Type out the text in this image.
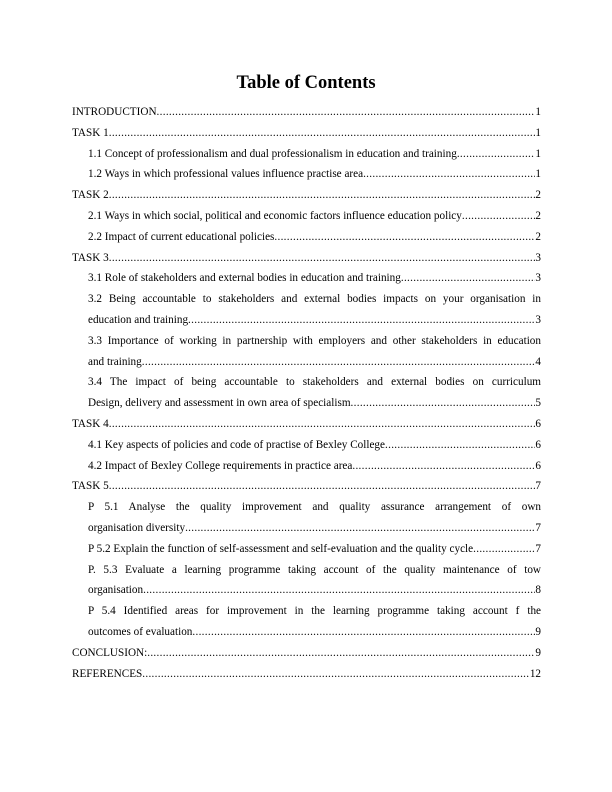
Table of Contents
INTRODUCTION .....	1
TASK 1 .....	1
1.1 Concept of professionalism and dual professionalism in education and training .....	1
1.2 Ways in which professional values influence practise area .....	1
TASK 2 .....	2
2.1 Ways in which social, political and economic factors influence education policy .....	2
2.2 Impact of current educational policies .....	2
TASK 3 .....	3
3.1 Role of stakeholders and external bodies in education and training .....	3
3.2 Being accountable to stakeholders and external bodies impacts on your organisation in
education and training .....	3
3.3 Importance of working in partnership with employers and other stakeholders in education
and training .....	4
3.4 The impact of being accountable to stakeholders and external bodies on curriculum
Design, delivery and assessment in own area of specialism .....	5
TASK 4 .....	6
4.1 Key aspects of policies and code of practise of Bexley College .....	6
4.2 Impact of Bexley College requirements in practice area .....	6
TASK 5 .....	7
P 5.1 Analyse the quality improvement and quality assurance arrangement of own
organisation diversity .....	7
P 5.2 Explain the function of self-assessment and self-evaluation and the quality cycle .....	7
P. 5.3 Evaluate a learning programme taking account of the quality maintenance of tow
organisation .....	8
P 5.4 Identified areas for improvement in the learning programme taking account f the
outcomes of evaluation .....	9
CONCLUSION: .....	9
REFERENCES .....	12
